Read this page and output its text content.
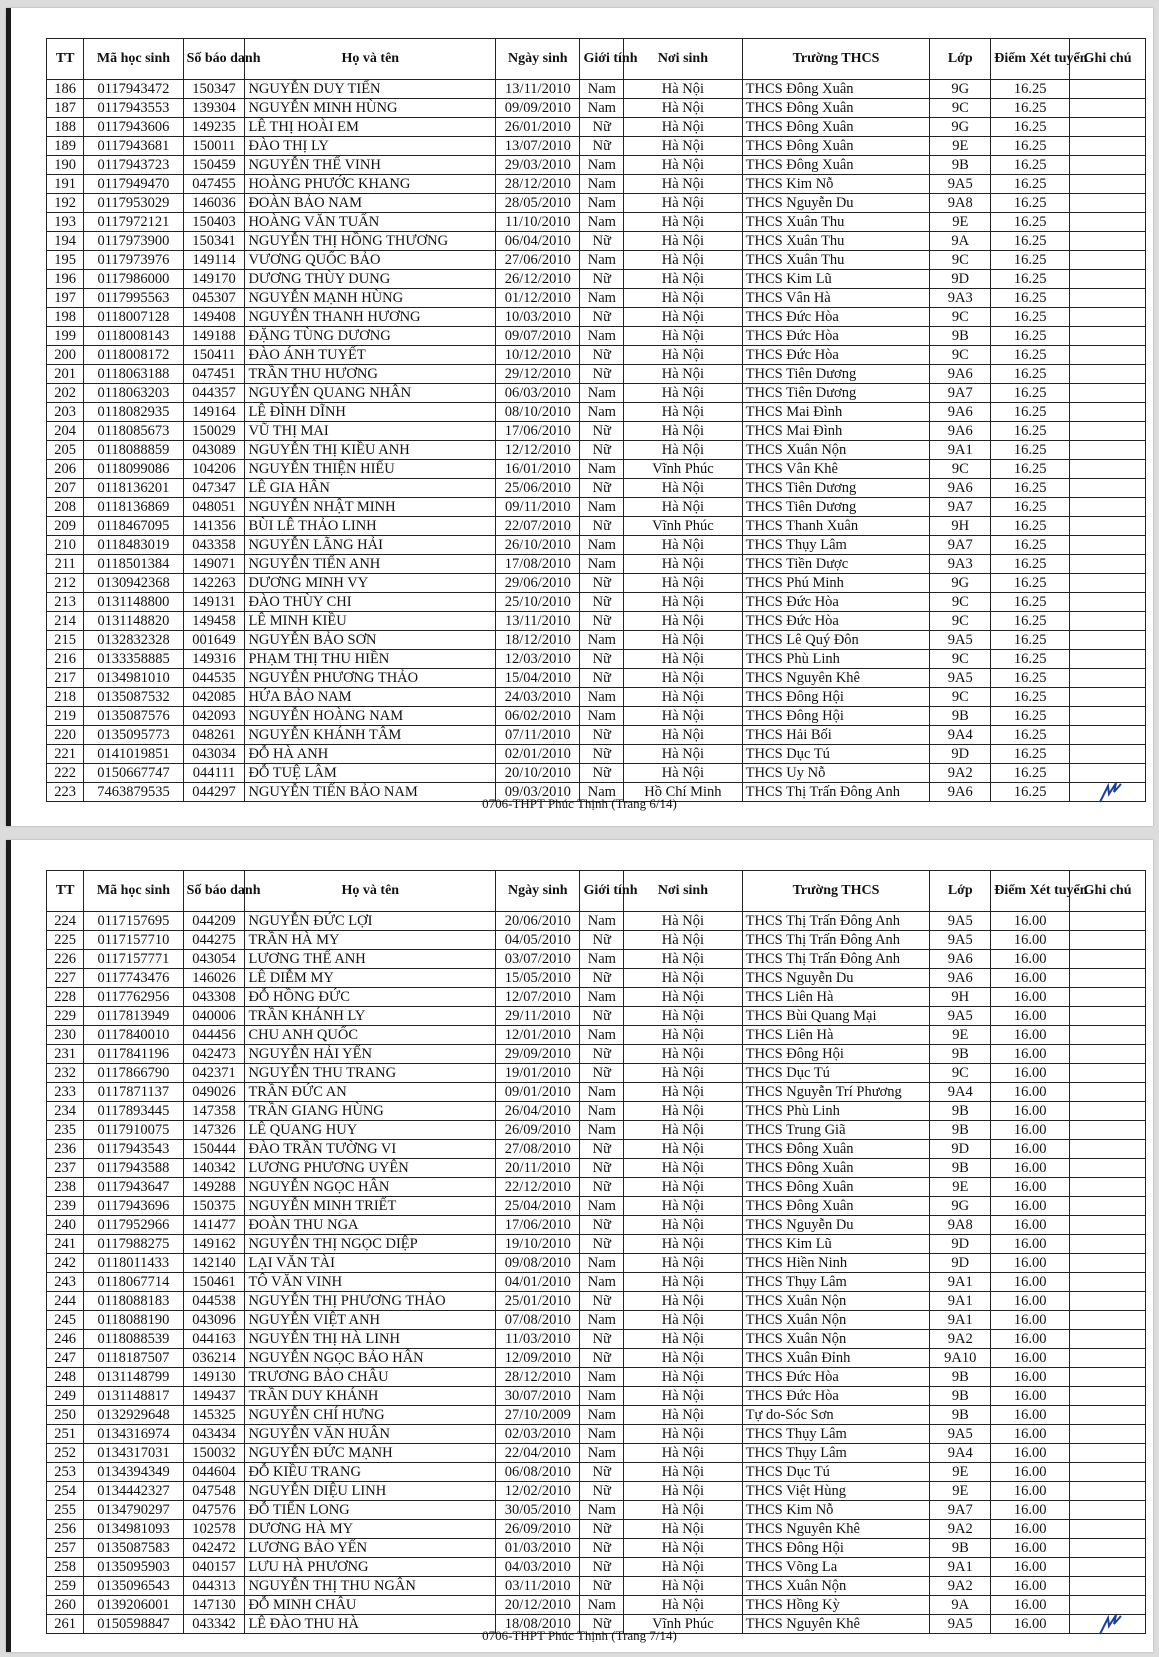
TT	Mã học sinh	Số báo danh	Họ và tên	Ngày sinh	Giới tính	Nơi sinh	Trường THCS	Lớp	Điểm Xét tuyển	Ghi chú
186	0117943472	150347	NGUYỄN DUY TIẾN	13/11/2010	Nam	Hà Nội	THCS Đông Xuân	9G	16.25	
187	0117943553	139304	NGUYỄN MINH HÙNG	09/09/2010	Nam	Hà Nội	THCS Đông Xuân	9C	16.25	
188	0117943606	149235	LÊ THỊ HOÀI EM	26/01/2010	Nữ	Hà Nội	THCS Đông Xuân	9G	16.25	
189	0117943681	150011	ĐÀO THỊ LY	13/07/2010	Nữ	Hà Nội	THCS Đông Xuân	9E	16.25	
190	0117943723	150459	NGUYỄN THẾ VINH	29/03/2010	Nam	Hà Nội	THCS Đông Xuân	9B	16.25	
191	0117949470	047455	HOÀNG PHƯỚC KHANG	28/12/2010	Nam	Hà Nội	THCS Kim Nỗ	9A5	16.25	
192	0117953029	146036	ĐOÀN BẢO NAM	28/05/2010	Nam	Hà Nội	THCS Nguyễn Du	9A8	16.25	
193	0117972121	150403	HOÀNG VĂN TUẤN	11/10/2010	Nam	Hà Nội	THCS Xuân Thu	9E	16.25	
194	0117973900	150341	NGUYỄN THỊ HỒNG THƯƠNG	06/04/2010	Nữ	Hà Nội	THCS Xuân Thu	9A	16.25	
195	0117973976	149114	VƯƠNG QUỐC BẢO	27/06/2010	Nam	Hà Nội	THCS Xuân Thu	9C	16.25	
196	0117986000	149170	DƯƠNG THÙY DUNG	26/12/2010	Nữ	Hà Nội	THCS Kim Lũ	9D	16.25	
197	0117995563	045307	NGUYỄN MẠNH HÙNG	01/12/2010	Nam	Hà Nội	THCS Vân Hà	9A3	16.25	
198	0118007128	149408	NGUYỄN THANH HƯƠNG	10/03/2010	Nữ	Hà Nội	THCS Đức Hòa	9C	16.25	
199	0118008143	149188	ĐẶNG TÙNG DƯƠNG	09/07/2010	Nam	Hà Nội	THCS Đức Hòa	9B	16.25	
200	0118008172	150411	ĐÀO ÁNH TUYẾT	10/12/2010	Nữ	Hà Nội	THCS Đức Hòa	9C	16.25	
201	0118063188	047451	TRẦN THU HƯƠNG	29/12/2010	Nữ	Hà Nội	THCS Tiên Dương	9A6	16.25	
202	0118063203	044357	NGUYỄN QUANG NHÂN	06/03/2010	Nam	Hà Nội	THCS Tiên Dương	9A7	16.25	
203	0118082935	149164	LÊ ĐÌNH DĨNH	08/10/2010	Nam	Hà Nội	THCS Mai Đình	9A6	16.25	
204	0118085673	150029	VŨ THỊ MAI	17/06/2010	Nữ	Hà Nội	THCS Mai Đình	9A6	16.25	
205	0118088859	043089	NGUYỄN THỊ KIỀU ANH	12/12/2010	Nữ	Hà Nội	THCS Xuân Nộn	9A1	16.25	
206	0118099086	104206	NGUYỄN THIỆN HIẾU	16/01/2010	Nam	Vĩnh Phúc	THCS Vân Khê	9C	16.25	
207	0118136201	047347	LÊ GIA HÂN	25/06/2010	Nữ	Hà Nội	THCS Tiên Dương	9A6	16.25	
208	0118136869	048051	NGUYỄN NHẬT MINH	09/11/2010	Nam	Hà Nội	THCS Tiên Dương	9A7	16.25	
209	0118467095	141356	BÙI LÊ THẢO LINH	22/07/2010	Nữ	Vĩnh Phúc	THCS Thanh Xuân	9H	16.25	
210	0118483019	043358	NGUYỄN LÃNG HẢI	26/10/2010	Nam	Hà Nội	THCS Thụy Lâm	9A7	16.25	
211	0118501384	149071	NGUYỄN TIẾN ANH	17/08/2010	Nam	Hà Nội	THCS Tiền Dược	9A3	16.25	
212	0130942368	142263	DƯƠNG MINH VY	29/06/2010	Nữ	Hà Nội	THCS Phú Minh	9G	16.25	
213	0131148800	149131	ĐÀO THÙY CHI	25/10/2010	Nữ	Hà Nội	THCS Đức Hòa	9C	16.25	
214	0131148820	149458	LÊ MINH KIỀU	13/11/2010	Nữ	Hà Nội	THCS Đức Hòa	9C	16.25	
215	0132832328	001649	NGUYỄN BẢO SƠN	18/12/2010	Nam	Hà Nội	THCS Lê Quý Đôn	9A5	16.25	
216	0133358885	149316	PHẠM THỊ THU HIỀN	12/03/2010	Nữ	Hà Nội	THCS Phù Linh	9C	16.25	
217	0134981010	044535	NGUYỄN PHƯƠNG THẢO	15/04/2010	Nữ	Hà Nội	THCS Nguyên Khê	9A5	16.25	
218	0135087532	042085	HỨA BẢO NAM	24/03/2010	Nam	Hà Nội	THCS Đông Hội	9C	16.25	
219	0135087576	042093	NGUYỄN HOÀNG NAM	06/02/2010	Nam	Hà Nội	THCS Đông Hội	9B	16.25	
220	0135095773	048261	NGUYỄN KHÁNH TÂM	07/11/2010	Nữ	Hà Nội	THCS Hải Bối	9A4	16.25	
221	0141019851	043034	ĐỖ HÀ ANH	02/01/2010	Nữ	Hà Nội	THCS Dục Tú	9D	16.25	
222	0150667747	044111	ĐỖ TUỆ LÂM	20/10/2010	Nữ	Hà Nội	THCS Uy Nỗ	9A2	16.25	
223	7463879535	044297	NGUYỄN TIẾN BẢO NAM	09/03/2010	Nam	Hồ Chí Minh	THCS Thị Trấn Đông Anh	9A6	16.25	
0706-THPT Phúc Thịnh (Trang 6/14)
TT	Mã học sinh	Số báo danh	Họ và tên	Ngày sinh	Giới tính	Nơi sinh	Trường THCS	Lớp	Điểm Xét tuyển	Ghi chú
224	0117157695	044209	NGUYỄN ĐỨC LỢI	20/06/2010	Nam	Hà Nội	THCS Thị Trấn Đông Anh	9A5	16.00	
225	0117157710	044275	TRẦN HÀ MY	04/05/2010	Nữ	Hà Nội	THCS Thị Trấn Đông Anh	9A5	16.00	
226	0117157771	043054	LƯƠNG THẾ ANH	03/07/2010	Nam	Hà Nội	THCS Thị Trấn Đông Anh	9A6	16.00	
227	0117743476	146026	LÊ DIỄM MY	15/05/2010	Nữ	Hà Nội	THCS Nguyễn Du	9A6	16.00	
228	0117762956	043308	ĐỖ HỒNG ĐỨC	12/07/2010	Nam	Hà Nội	THCS Liên Hà	9H	16.00	
229	0117813949	040006	TRẦN KHÁNH LY	29/11/2010	Nữ	Hà Nội	THCS Bùi Quang Mại	9A5	16.00	
230	0117840010	044456	CHU ANH QUỐC	12/01/2010	Nam	Hà Nội	THCS Liên Hà	9E	16.00	
231	0117841196	042473	NGUYỄN HẢI YẾN	29/09/2010	Nữ	Hà Nội	THCS Đông Hội	9B	16.00	
232	0117866790	042371	NGUYỄN THU TRANG	19/01/2010	Nữ	Hà Nội	THCS Dục Tú	9C	16.00	
233	0117871137	049026	TRẦN ĐỨC AN	09/01/2010	Nam	Hà Nội	THCS Nguyễn Trí Phương	9A4	16.00	
234	0117893445	147358	TRẦN GIANG HÙNG	26/04/2010	Nam	Hà Nội	THCS Phù Linh	9B	16.00	
235	0117910075	147326	LÊ QUANG HUY	26/09/2010	Nam	Hà Nội	THCS Trung Giã	9B	16.00	
236	0117943543	150444	ĐÀO TRẦN TƯỜNG VI	27/08/2010	Nữ	Hà Nội	THCS Đông Xuân	9D	16.00	
237	0117943588	140342	LƯƠNG PHƯƠNG UYÊN	20/11/2010	Nữ	Hà Nội	THCS Đông Xuân	9B	16.00	
238	0117943647	149288	NGUYỄN NGỌC HÂN	22/12/2010	Nữ	Hà Nội	THCS Đông Xuân	9E	16.00	
239	0117943696	150375	NGUYỄN MINH TRIẾT	25/04/2010	Nam	Hà Nội	THCS Đông Xuân	9G	16.00	
240	0117952966	141477	ĐOÀN THU NGA	17/06/2010	Nữ	Hà Nội	THCS Nguyễn Du	9A8	16.00	
241	0117988275	149162	NGUYỄN THỊ NGỌC DIỆP	19/10/2010	Nữ	Hà Nội	THCS Kim Lũ	9D	16.00	
242	0118011433	142140	LẠI VĂN TÀI	09/08/2010	Nam	Hà Nội	THCS Hiền Ninh	9D	16.00	
243	0118067714	150461	TÔ VĂN VINH	04/01/2010	Nam	Hà Nội	THCS Thụy Lâm	9A1	16.00	
244	0118088183	044538	NGUYỄN THỊ PHƯƠNG THẢO	25/01/2010	Nữ	Hà Nội	THCS Xuân Nộn	9A1	16.00	
245	0118088190	043096	NGUYỄN VIỆT ANH	07/08/2010	Nam	Hà Nội	THCS Xuân Nộn	9A1	16.00	
246	0118088539	044163	NGUYỄN THỊ HÀ LINH	11/03/2010	Nữ	Hà Nội	THCS Xuân Nộn	9A2	16.00	
247	0118187507	036214	NGUYỄN NGỌC BẢO HÂN	12/09/2010	Nữ	Hà Nội	THCS Xuân Đỉnh	9A10	16.00	
248	0131148799	149130	TRƯƠNG BẢO CHÂU	28/12/2010	Nam	Hà Nội	THCS Đức Hòa	9B	16.00	
249	0131148817	149437	TRẦN DUY KHÁNH	30/07/2010	Nam	Hà Nội	THCS Đức Hòa	9B	16.00	
250	0132929648	145325	NGUYỄN CHÍ HƯNG	27/10/2009	Nam	Hà Nội	Tự do-Sóc Sơn	9B	16.00	
251	0134316974	043434	NGUYỄN VĂN HUÂN	02/03/2010	Nam	Hà Nội	THCS Thụy Lâm	9A5	16.00	
252	0134317031	150032	NGUYỄN ĐỨC MẠNH	22/04/2010	Nam	Hà Nội	THCS Thụy Lâm	9A4	16.00	
253	0134394349	044604	ĐỖ KIỀU TRANG	06/08/2010	Nữ	Hà Nội	THCS Dục Tú	9E	16.00	
254	0134442327	047548	NGUYỄN DIỆU LINH	12/02/2010	Nữ	Hà Nội	THCS Việt Hùng	9E	16.00	
255	0134790297	047576	ĐỖ TIẾN LONG	30/05/2010	Nam	Hà Nội	THCS Kim Nỗ	9A7	16.00	
256	0134981093	102578	DƯƠNG HÀ MY	26/09/2010	Nữ	Hà Nội	THCS Nguyên Khê	9A2	16.00	
257	0135087583	042472	LƯƠNG BẢO YẾN	01/03/2010	Nữ	Hà Nội	THCS Đông Hội	9B	16.00	
258	0135095903	040157	LƯU HÀ PHƯƠNG	04/03/2010	Nữ	Hà Nội	THCS Võng La	9A1	16.00	
259	0135096543	044313	NGUYỄN THỊ THU NGÂN	03/11/2010	Nữ	Hà Nội	THCS Xuân Nộn	9A2	16.00	
260	0139206001	147130	ĐỖ MINH CHÂU	20/12/2010	Nam	Hà Nội	THCS Hồng Kỳ	9A	16.00	
261	0150598847	043342	LÊ ĐÀO THU HÀ	18/08/2010	Nữ	Vĩnh Phúc	THCS Nguyên Khê	9A5	16.00	
0706-THPT Phúc Thịnh (Trang 7/14)
